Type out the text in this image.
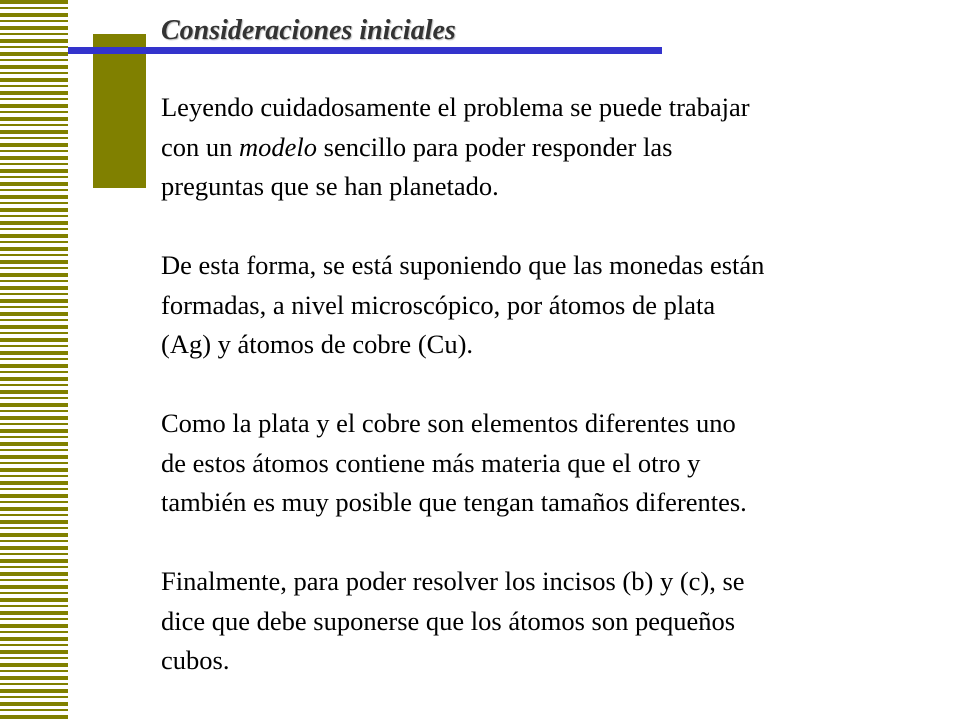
Consideraciones iniciales

Leyendo cuidadosamente el problema se puede trabajar
con un modelo sencillo para poder responder las
preguntas que se han planetado.

De esta forma, se está suponiendo que las monedas están
formadas, a nivel microscópico, por átomos de plata
(Ag) y átomos de cobre (Cu).

Como la plata y el cobre son elementos diferentes uno
de estos átomos contiene más materia que el otro y
también es muy posible que tengan tamaños diferentes.

Finalmente, para poder resolver los incisos (b) y (c), se
dice que debe suponerse que los átomos son pequeños
cubos.
